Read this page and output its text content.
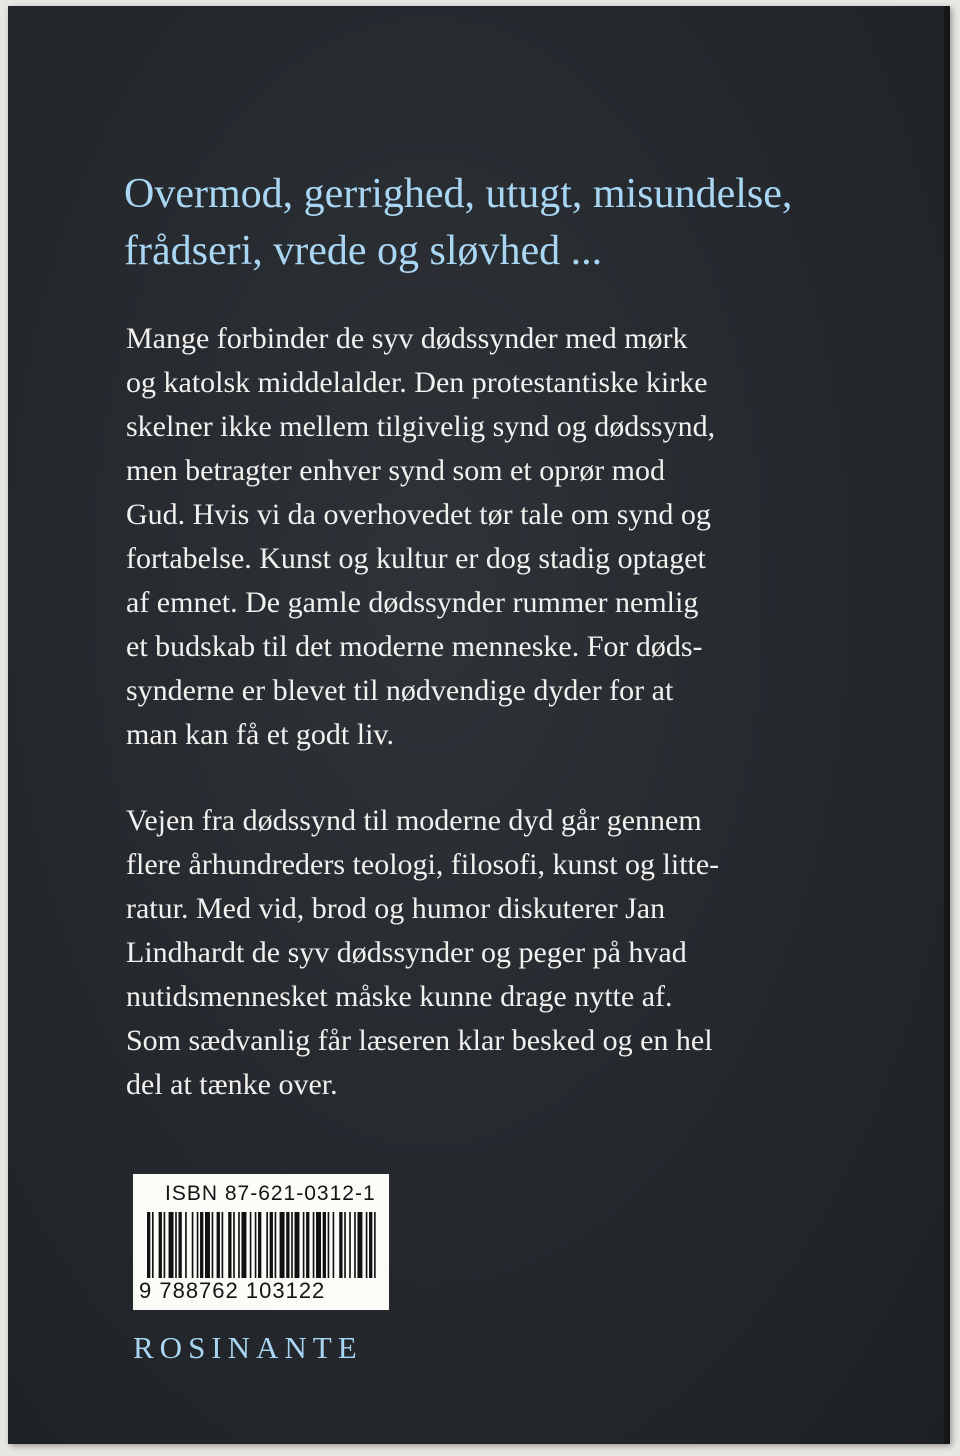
Overmod, gerrighed, utugt, misundelse,
frådseri, vrede og sløvhed ...

Mange forbinder de syv dødssynder med mørk
og katolsk middelalder. Den protestantiske kirke
skelner ikke mellem tilgivelig synd og dødssynd,
men betragter enhver synd som et oprør mod
Gud. Hvis vi da overhovedet tør tale om synd og
fortabelse. Kunst og kultur er dog stadig optaget
af emnet. De gamle dødssynder rummer nemlig
et budskab til det moderne menneske. For døds-
synderne er blevet til nødvendige dyder for at
man kan få et godt liv.

Vejen fra dødssynd til moderne dyd går gennem
flere århundreders teologi, filosofi, kunst og litte-
ratur. Med vid, brod og humor diskuterer Jan
Lindhardt de syv dødssynder og peger på hvad
nutidsmennesket måske kunne drage nytte af.
Som sædvanlig får læseren klar besked og en hel
del at tænke over.

ISBN 87-621-0312-1
9 788762 103122
ROSINANTE
